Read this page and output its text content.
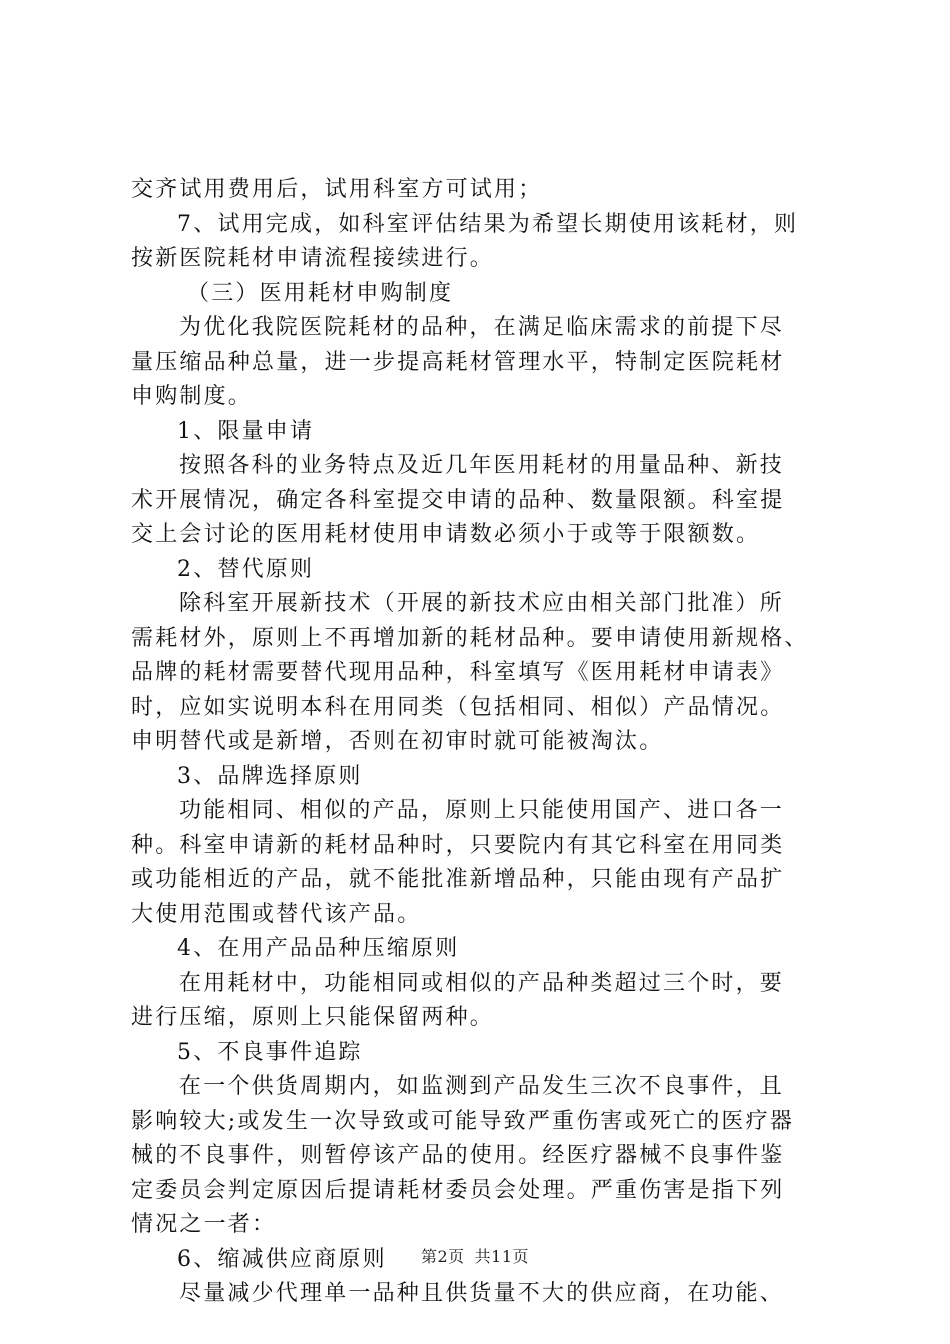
交齐试用费用后，试用科室方可试用；
7、试用完成，如科室评估结果为希望长期使用该耗材，则
按新医院耗材申请流程接续进行。
（三）医用耗材申购制度
为优化我院医院耗材的品种，在满足临床需求的前提下尽
量压缩品种总量，进一步提高耗材管理水平，特制定医院耗材
申购制度。
1、限量申请
按照各科的业务特点及近几年医用耗材的用量品种、新技
术开展情况，确定各科室提交申请的品种、数量限额。科室提
交上会讨论的医用耗材使用申请数必须小于或等于限额数。
2、替代原则
除科室开展新技术（开展的新技术应由相关部门批准）所
需耗材外，原则上不再增加新的耗材品种。要申请使用新规格、
品牌的耗材需要替代现用品种，科室填写《医用耗材申请表》
时，应如实说明本科在用同类（包括相同、相似）产品情况。
申明替代或是新增，否则在初审时就可能被淘汰。
3、品牌选择原则
功能相同、相似的产品，原则上只能使用国产、进口各一
种。科室申请新的耗材品种时，只要院内有其它科室在用同类
或功能相近的产品，就不能批准新增品种，只能由现有产品扩
大使用范围或替代该产品。
4、在用产品品种压缩原则
在用耗材中，功能相同或相似的产品种类超过三个时，要
进行压缩，原则上只能保留两种。
5、不良事件追踪
在一个供货周期内，如监测到产品发生三次不良事件，且
影响较大;或发生一次导致或可能导致严重伤害或死亡的医疗器
械的不良事件，则暂停该产品的使用。经医疗器械不良事件鉴
定委员会判定原因后提请耗材委员会处理。严重伤害是指下列
情况之一者：
6、缩减供应商原则
尽量减少代理单一品种且供货量不大的供应商，在功能、
第2页 共11页
